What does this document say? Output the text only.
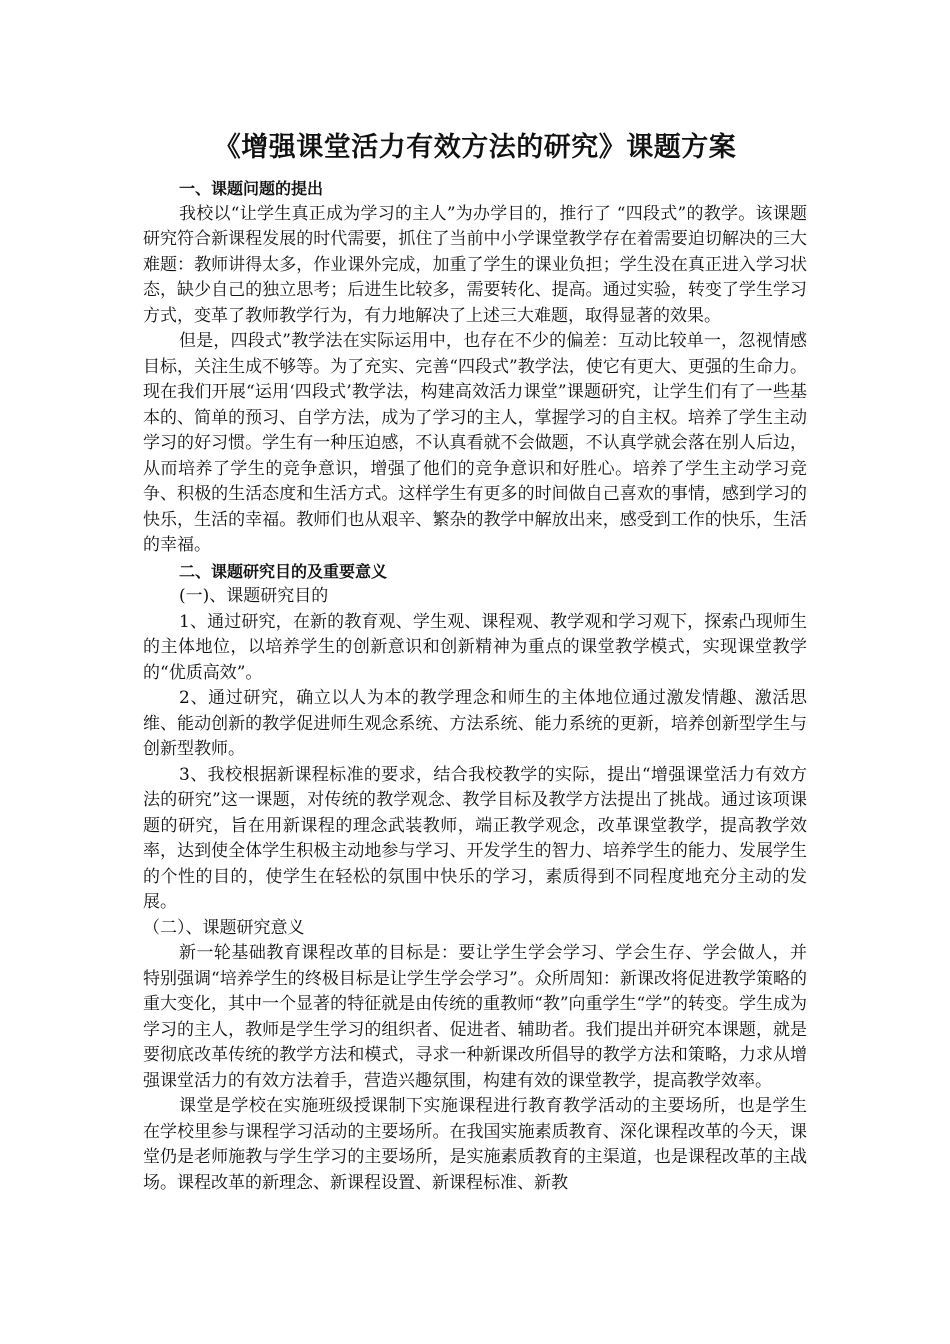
《增强课堂活力有效方法的研究》课题方案

一、课题问题的提出

我校以“让学生真正成为学习的主人”为办学目的，推行了 “四段式”的教学。该课题研究符合新课程发展的时代需要，抓住了当前中小学课堂教学存在着需要迫切解决的三大难题：教师讲得太多，作业课外完成，加重了学生的课业负担；学生没在真正进入学习状态，缺少自己的独立思考；后进生比较多，需要转化、提高。通过实验，转变了学生学习方式，变革了教师教学行为，有力地解决了上述三大难题，取得显著的效果。

但是，四段式”教学法在实际运用中，也存在不少的偏差：互动比较单一，忽视情感目标，关注生成不够等。为了充实、完善“四段式”教学法，使它有更大、更强的生命力。现在我们开展“运用‘四段式’教学法，构建高效活力课堂”课题研究，让学生们有了一些基本的、简单的预习、自学方法，成为了学习的主人，掌握学习的自主权。培养了学生主动学习的好习惯。学生有一种压迫感，不认真看就不会做题，不认真学就会落在别人后边，从而培养了学生的竞争意识，增强了他们的竞争意识和好胜心。培养了学生主动学习竞争、积极的生活态度和生活方式。这样学生有更多的时间做自己喜欢的事情，感到学习的快乐，生活的幸福。教师们也从艰辛、繁杂的教学中解放出来，感受到工作的快乐，生活的幸福。

二、课题研究目的及重要意义

(一)、课题研究目的

1、通过研究，在新的教育观、学生观、课程观、教学观和学习观下，探索凸现师生的主体地位，以培养学生的创新意识和创新精神为重点的课堂教学模式，实现课堂教学的“优质高效”。

2、通过研究，确立以人为本的教学理念和师生的主体地位通过激发情趣、激活思维、能动创新的教学促进师生观念系统、方法系统、能力系统的更新，培养创新型学生与创新型教师。

3、我校根据新课程标准的要求，结合我校教学的实际，提出“增强课堂活力有效方法的研究”这一课题，对传统的教学观念、教学目标及教学方法提出了挑战。通过该项课题的研究，旨在用新课程的理念武装教师，端正教学观念，改革课堂教学，提高教学效率，达到使全体学生积极主动地参与学习、开发学生的智力、培养学生的能力、发展学生的个性的目的，使学生在轻松的氛围中快乐的学习，素质得到不同程度地充分主动的发展。

（二）、课题研究意义

新一轮基础教育课程改革的目标是：要让学生学会学习、学会生存、学会做人，并特别强调“培养学生的终极目标是让学生学会学习”。众所周知：新课改将促进教学策略的重大变化，其中一个显著的特征就是由传统的重教师“教”向重学生“学”的转变。学生成为学习的主人，教师是学生学习的组织者、促进者、辅助者。我们提出并研究本课题，就是要彻底改革传统的教学方法和模式，寻求一种新课改所倡导的教学方法和策略，力求从增强课堂活力的有效方法着手，营造兴趣氛围，构建有效的课堂教学，提高教学效率。

课堂是学校在实施班级授课制下实施课程进行教育教学活动的主要场所，也是学生在学校里参与课程学习活动的主要场所。在我国实施素质教育、深化课程改革的今天，课堂仍是老师施教与学生学习的主要场所，是实施素质教育的主渠道，也是课程改革的主战场。课程改革的新理念、新课程设置、新课程标准、新教
